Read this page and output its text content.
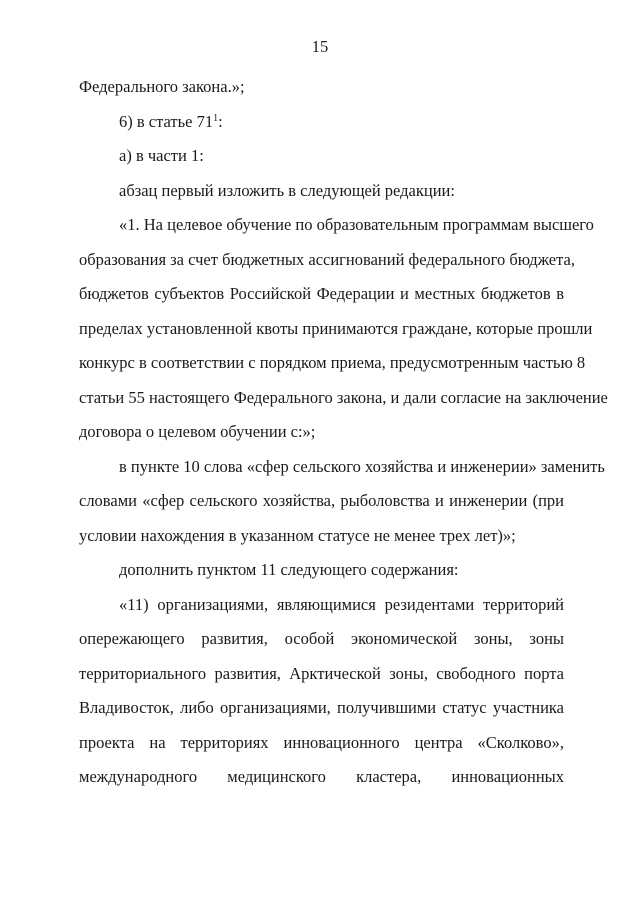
15
Федерального закона.»;
6) в статье $71^1$:
а) в части 1:
абзац первый изложить в следующей редакции:
«1. На целевое обучение по образовательным программам высшего
образования за счет бюджетных ассигнований федерального бюджета,
бюджетов субъектов Российской Федерации и местных бюджетов в
пределах установленной квоты принимаются граждане, которые прошли
конкурс в соответствии с порядком приема, предусмотренным частью 8
статьи 55 настоящего Федерального закона, и дали согласие на заключение
договора о целевом обучении с:»;
в пункте 10 слова «сфер сельского хозяйства и инженерии» заменить
словами «сфер сельского хозяйства, рыболовства и инженерии (при
условии нахождения в указанном статусе не менее трех лет)»;
дополнить пунктом 11 следующего содержания:
«11) организациями, являющимися резидентами территорий
опережающего развития, особой экономической зоны, зоны
территориального развития, Арктической зоны, свободного порта
Владивосток, либо организациями, получившими статус участника
проекта на территориях инновационного центра «Сколково»,
международного медицинского кластера, инновационных
